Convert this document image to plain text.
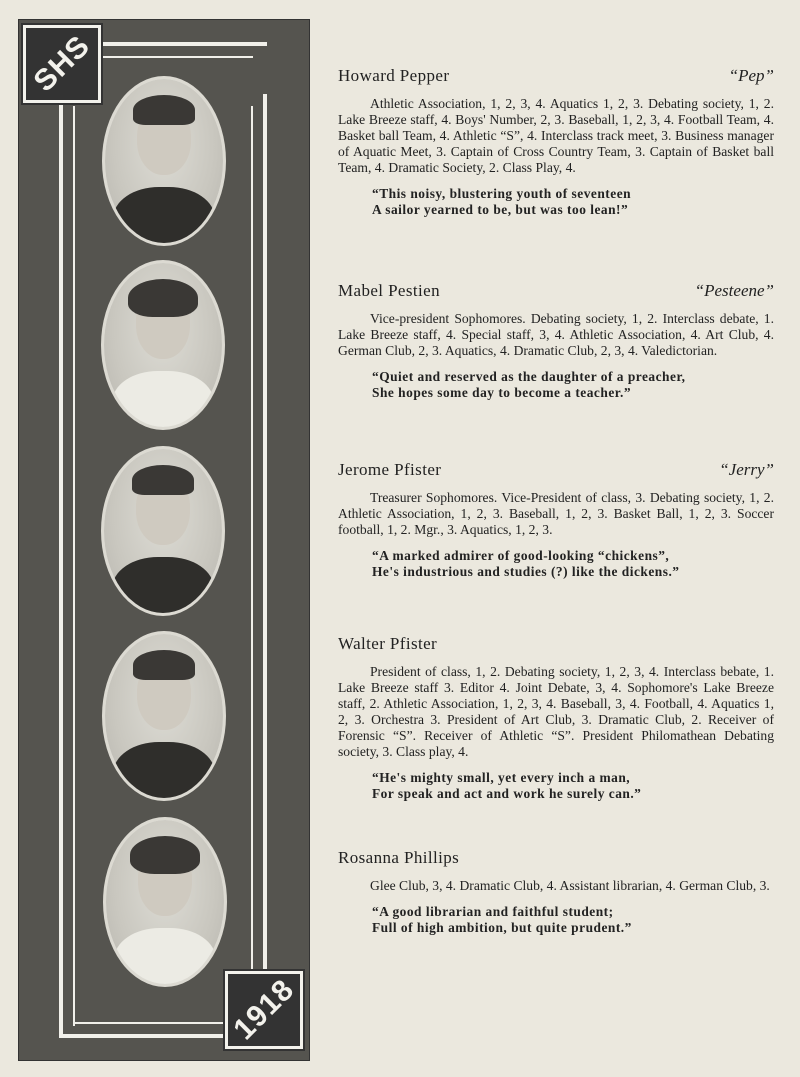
SHS
1918
Howard Pepper	“Pep”
Athletic Association, 1, 2, 3, 4. Aquatics 1, 2, 3. Debating society, 1, 2. Lake Breeze staff, 4. Boys' Number, 2, 3. Baseball, 1, 2, 3, 4. Football Team, 4. Basket ball Team, 4. Athletic “S”, 4. Interclass track meet, 3. Business manager of Aquatic Meet, 3. Captain of Cross Country Team, 3. Captain of Basket ball Team, 4. Dramatic Society, 2. Class Play, 4.
“This noisy, blustering youth of seventeen
A sailor yearned to be, but was too lean!”
Mabel Pestien	“Pesteene”
Vice-president Sophomores. Debating society, 1, 2. Interclass debate, 1. Lake Breeze staff, 4. Special staff, 3, 4. Athletic Association, 4. Art Club, 4. German Club, 2, 3. Aquatics, 4. Dramatic Club, 2, 3, 4. Valedictorian.
“Quiet and reserved as the daughter of a preacher,
She hopes some day to become a teacher.”
Jerome Pfister	“Jerry”
Treasurer Sophomores. Vice-President of class, 3. Debating society, 1, 2. Athletic Association, 1, 2, 3. Baseball, 1, 2, 3. Basket Ball, 1, 2, 3. Soccer football, 1, 2. Mgr., 3. Aquatics, 1, 2, 3.
“A marked admirer of good-looking “chickens”,
He's industrious and studies (?) like the dickens.”
Walter Pfister
President of class, 1, 2. Debating society, 1, 2, 3, 4. Interclass bebate, 1. Lake Breeze staff 3. Editor 4. Joint Debate, 3, 4. Sophomore's Lake Breeze staff, 2. Athletic Association, 1, 2, 3, 4. Baseball, 3, 4. Football, 4. Aquatics 1, 2, 3. Orchestra 3. President of Art Club, 3. Dramatic Club, 2. Receiver of Forensic “S”. Receiver of Athletic “S”. President Philomathean Debating society, 3. Class play, 4.
“He's mighty small, yet every inch a man,
For speak and act and work he surely can.”
Rosanna Phillips
Glee Club, 3, 4. Dramatic Club, 4. Assistant librarian, 4. German Club, 3.
“A good librarian and faithful student;
Full of high ambition, but quite prudent.”
